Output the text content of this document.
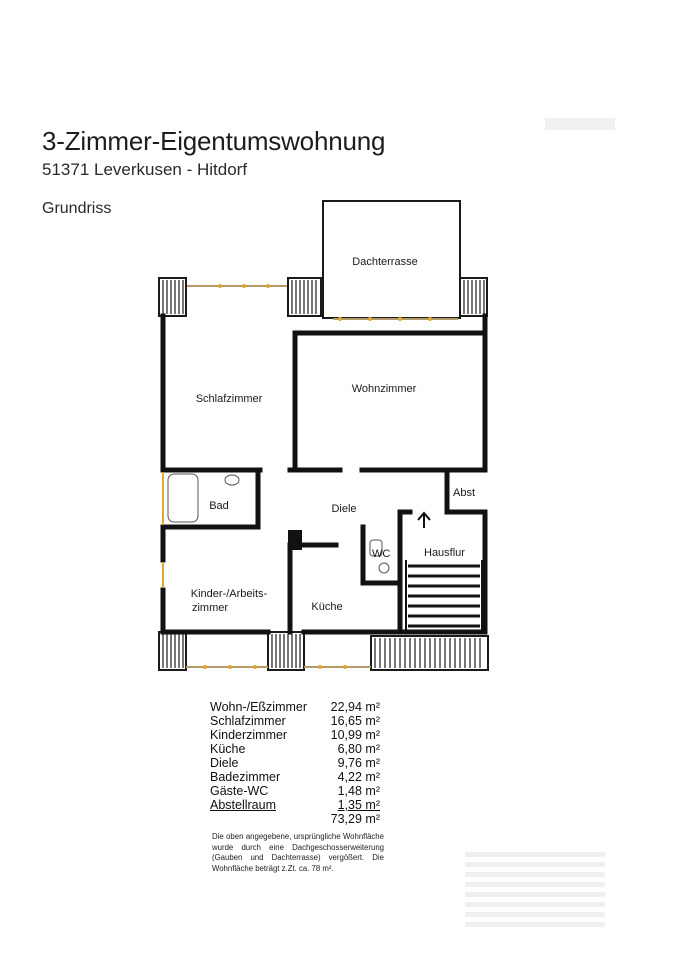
3-Zimmer-Eigentumswohnung
51371 Leverkusen - Hitdorf
Grundriss
Dachterrasse
Schlafzimmer
Wohnzimmer
Bad	Diele
Abst
WC	Hausflur
Kinder-/Arbeits-
zimmer	Küche
Wohn-/Eßzimmer 22,94 m²
Schlafzimmer	16,65 m²
Kinderzimmer	10,99 m²
Küche	6,80 m²
Diele	9,76 m²
Badezimmer	4,22 m²
Gäste-WC	1,48 m²
Abstellraum	1,35 m²
73,29 m²
Die oben angegebene, ursprüngliche Wohnfläche wurde durch eine Dachgeschosserweiterung (Gauben und Dachterrasse) vergößert. Die Wohnfläche beträgt z.Zt. ca. 78 m².
